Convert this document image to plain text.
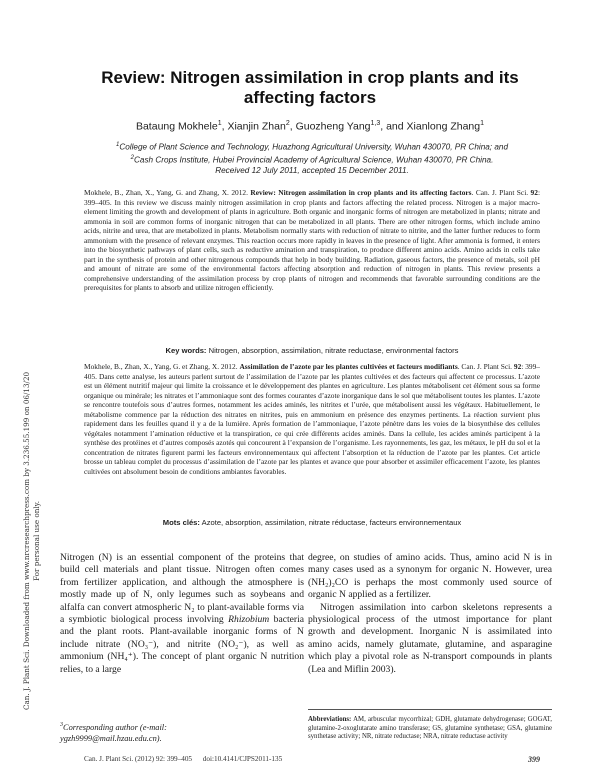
Can. J. Plant Sci. Downloaded from www.nrcresearchpress.com by 3.236.55.199 on 06/13/20 For personal use only.
Review: Nitrogen assimilation in crop plants and its affecting factors
Bataung Mokhele$^1$, Xianjin Zhan$^2$, Guozheng Yang$^{1,3}$, and Xianlong Zhang$^1$
$^1$College of Plant Science and Technology, Huazhong Agricultural University, Wuhan 430070, PR China; and
$^2$Cash Crops Institute, Hubei Provincial Academy of Agricultural Science, Wuhan 430070, PR China.
Received 12 July 2011, accepted 15 December 2011.
Mokhele, B., Zhan, X., Yang, G. and Zhang, X. 2012. Review: Nitrogen assimilation in crop plants and its affecting factors. Can. J. Plant Sci. 92: 399–405. In this review we discuss mainly nitrogen assimilation in crop plants and factors affecting the related process. Nitrogen is a major macro-element limiting the growth and development of plants in agriculture. Both organic and inorganic forms of nitrogen are metabolized in plants; nitrate and ammonia in soil are common forms of inorganic nitrogen that can be metabolized in all plants. There are other nitrogen forms, which include amino acids, nitrite and urea, that are metabolized in plants. Metabolism normally starts with reduction of nitrate to nitrite, and the latter further reduces to form ammonium with the presence of relevant enzymes. This reaction occurs more rapidly in leaves in the presence of light. After ammonia is formed, it enters into the biosynthetic pathways of plant cells, such as reductive amination and transpiration, to produce different amino acids. Amino acids in cells take part in the synthesis of protein and other nitrogenous compounds that help in body building. Radiation, gaseous factors, the presence of metals, soil pH and amount of nitrate are some of the environmental factors affecting absorption and reduction of nitrogen in plants. This review presents a comprehensive understanding of the assimilation process by crop plants of nitrogen and recommends that favorable surrounding conditions are the prerequisites for plants to absorb and utilize nitrogen efficiently.
Key words: Nitrogen, absorption, assimilation, nitrate reductase, environmental factors
Mokhele, B., Zhan, X., Yang, G. et Zhang, X. 2012. Assimilation de l’azote par les plantes cultivées et facteurs modifiants. Can. J. Plant Sci. 92: 399–405. Dans cette analyse, les auteurs parlent surtout de l’assimilation de l’azote par les plantes cultivées et des facteurs qui affectent ce processus. L’azote est un élément nutritif majeur qui limite la croissance et le développement des plantes en agriculture. Les plantes métabolisent cet élément sous sa forme organique ou minérale; les nitrates et l’ammoniaque sont des formes courantes d’azote inorganique dans le sol que métabolisent toutes les plantes. L’azote se rencontre toutefois sous d’autres formes, notamment les acides aminés, les nitrites et l’urée, que métabolisent aussi les végétaux. Habituellement, le métabolisme commence par la réduction des nitrates en nitrites, puis en ammonium en présence des enzymes pertinents. La réaction survient plus rapidement dans les feuilles quand il y a de la lumière. Après formation de l’ammoniaque, l’azote pénètre dans les voies de la biosynthèse des cellules végétales notamment l’amination réductive et la transpiration, ce qui crée différents acides aminés. Dans la cellule, les acides aminés participent à la synthèse des protéines et d’autres composés azotés qui concourent à l’expansion de l’organisme. Les rayonnements, les gaz, les métaux, le pH du sol et la concentration de nitrates figurent parmi les facteurs environnementaux qui affectent l’absorption et la réduction de l’azote par les plantes. Cet article brosse un tableau complet du processus d’assimilation de l’azote par les plantes et avance que pour absorber et assimiler efficacement l’azote, les plantes cultivées ont absolument besoin de conditions ambiantes favorables.
Mots clés: Azote, absorption, assimilation, nitrate réductase, facteurs environnementaux

Nitrogen (N) is an essential component of the proteins that build cell materials and plant tissue. Nitrogen often comes from fertilizer application, and although the atmosphere is mostly made up of N, only legumes such as soybeans and alfalfa can convert atmospheric N₂ to plant-available forms via a symbiotic biological process involving Rhizobium bacteria and the plant roots. Plant-available inorganic forms of N include nitrate (NO₃⁻), and nitrite (NO₂⁻), as well as ammonium (NH₄⁺). The concept of plant organic N nutrition relies, to a large

degree, on studies of amino acids. Thus, amino acid N is in many cases used as a synonym for organic N. However, urea (NH₂)₂CO is perhaps the most commonly used source of organic N applied as a fertilizer.

Nitrogen assimilation into carbon skeletons represents a physiological process of the utmost importance for plant growth and development. Inorganic N is assimilated into amino acids, namely glutamate, glutamine, and asparagine which play a pivotal role as N-transport compounds in plants (Lea and Miflin 2003).

$^3$Corresponding author (e-mail: ygzh9999@mail.hzau.edu.cn).
Abbreviations: AM, arbuscular mycorrhizal; GDH, glutamate dehydrogenase; GOGAT, glutamine-2-oxoglutarate amino transferase; GS, glutamine synthetase; GSA, glutamine synthetase activity; NR, nitrate reductase; NRA, nitrate reductase activity
Can. J. Plant Sci. (2012) 92: 399–405 doi:10.4141/CJPS2011-135	399
